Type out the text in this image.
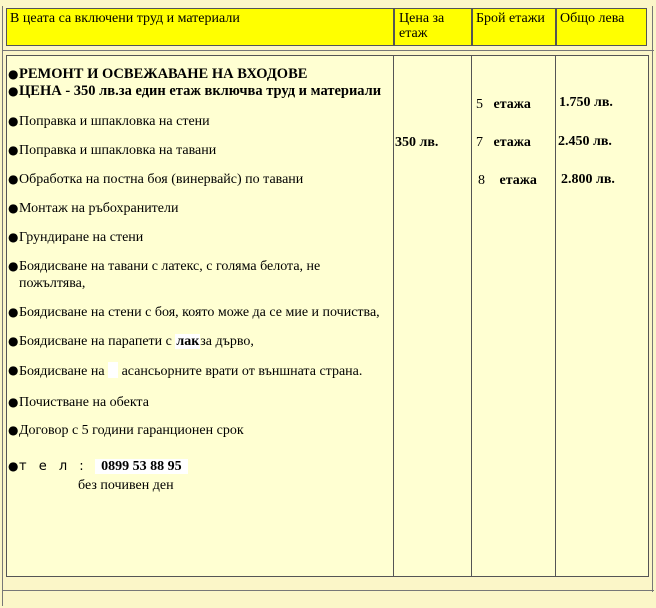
В цеата са включени труд и материали	Цена за етаж
Брой етажи	Общо лева
● РЕМОНТ И ОСВЕЖАВАНЕ НА ВХОДОВЕ
● ЦЕНА - 350 лв.за един етаж включва труд и материали
● Поправка и шпакловка на стени
● Поправка и шпакловка на тавани
● Обработка на постна боя (винервайс) по тавани
● Монтаж на ръбохранители
● Грундиране на стени
● Боядисване на тавани с латекс, с голяма белота, не пожълтява,
● Боядисване на стени с боя, която може да се мие и почиства,
● Боядисване на парапети с лакза дърво,
● Боядисване на асансьорните врати от външната страна.
● Почистване на обекта
● Договор с 5 години гаранционен срок
● т е л : 0899 53 88 95
без почивен ден
350 лв.
5 етажа
7 етажа
8 етажа
1.750 лв.
2.450 лв.
2.800 лв.
